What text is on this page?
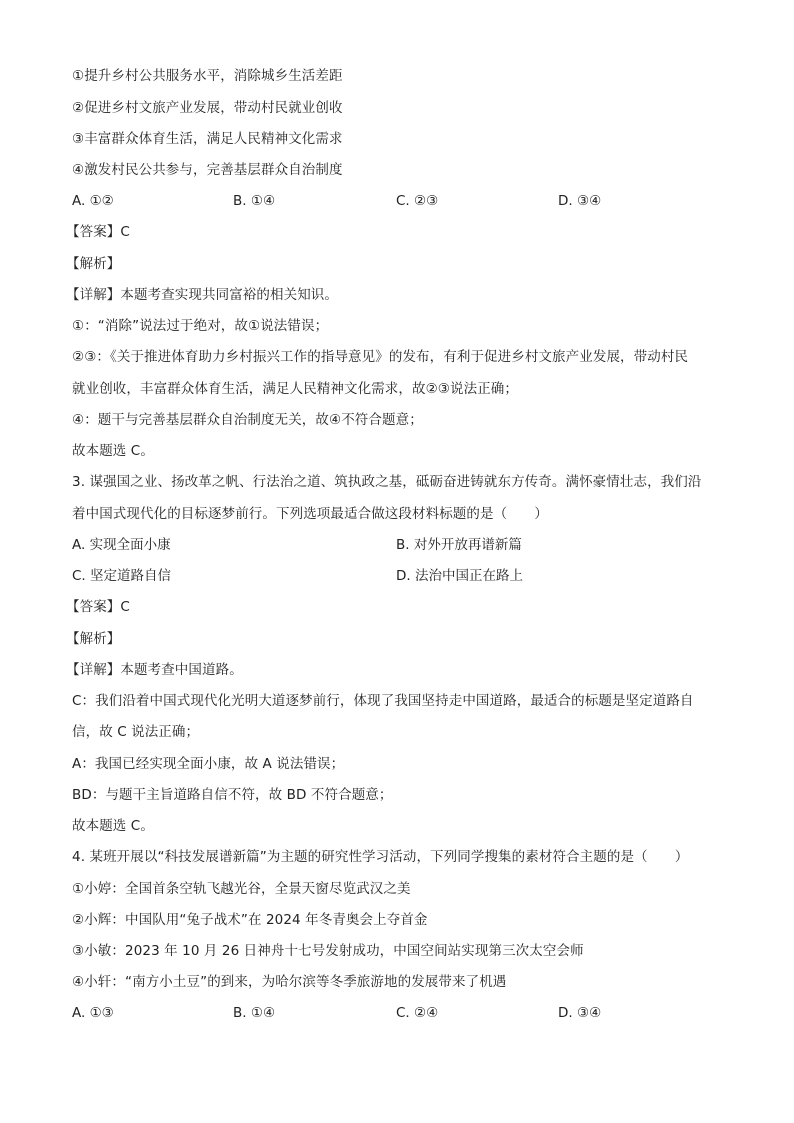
①提升乡村公共服务水平，消除城乡生活差距
②促进乡村文旅产业发展，带动村民就业创收
③丰富群众体育生活，满足人民精神文化需求
④激发村民公共参与，完善基层群众自治制度
A. ①②	B. ①④	C. ②③	D. ③④
【答案】C
【解析】
【详解】本题考查实现共同富裕的相关知识。
①：“消除”说法过于绝对，故①说法错误；
②③：《关于推进体育助力乡村振兴工作的指导意见》的发布，有利于促进乡村文旅产业发展，带动村民
就业创收，丰富群众体育生活，满足人民精神文化需求，故②③说法正确；
④：题干与完善基层群众自治制度无关，故④不符合题意；
故本题选 C。
3. 谋强国之业、扬改革之帆、行法治之道、筑执政之基，砥砺奋进铸就东方传奇。满怀豪情壮志，我们沿
着中国式现代化的目标逐梦前行。下列选项最适合做这段材料标题的是（　　）
A. 实现全面小康	B. 对外开放再谱新篇
C. 坚定道路自信	D. 法治中国正在路上
【答案】C
【解析】
【详解】本题考查中国道路。
C：我们沿着中国式现代化光明大道逐梦前行，体现了我国坚持走中国道路，最适合的标题是坚定道路自
信，故 C 说法正确；
A：我国已经实现全面小康，故 A 说法错误；
BD：与题干主旨道路自信不符，故 BD 不符合题意；
故本题选 C。
4. 某班开展以“科技发展谱新篇”为主题的研究性学习活动，下列同学搜集的素材符合主题的是（　　）
①小婷：全国首条空轨飞越光谷，全景天窗尽览武汉之美
②小辉：中国队用“兔子战术”在 2024 年冬青奥会上夺首金
③小敏：2023 年 10 月 26 日神舟十七号发射成功，中国空间站实现第三次太空会师
④小轩：“南方小土豆”的到来，为哈尔滨等冬季旅游地的发展带来了机遇
A. ①③	B. ①④	C. ②④	D. ③④
